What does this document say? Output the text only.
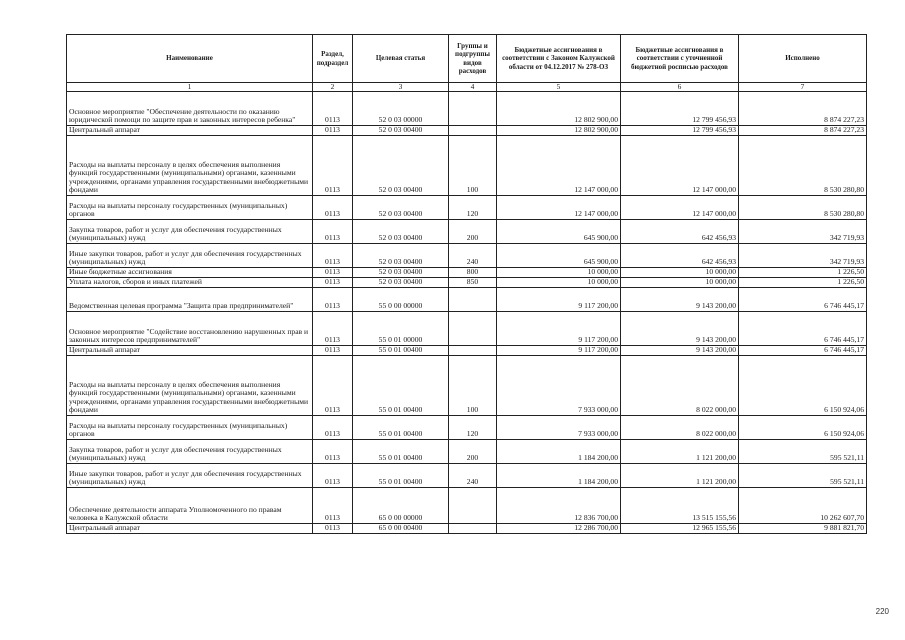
Наименование	Раздел, подраздел	Целевая статья	Группы и подгруппы видов расходов	Бюджетные ассигнования в соответствии с Законом Калужской области от 04.12.2017 № 278-ОЗ	Бюджетные ассигнования в соответствии с уточненной бюджетной росписью расходов	Исполнено
1	2	3	4	5	6	7
Основное мероприятие "Обеспечение деятельности по оказанию юридической помощи по защите прав и законных интересов ребенка"	0113	52 0 03 00000		12 802 900,00	12 799 456,93	8 874 227,23
Центральный аппарат	0113	52 0 03 00400		12 802 900,00	12 799 456,93	8 874 227,23
Расходы на выплаты персоналу в целях обеспечения выполнения функций государственными (муниципальными) органами, казенными учреждениями, органами управления государственными внебюджетными фондами	0113	52 0 03 00400	100	12 147 000,00	12 147 000,00	8 530 280,80
Расходы на выплаты персоналу государственных (муниципальных) органов	0113	52 0 03 00400	120	12 147 000,00	12 147 000,00	8 530 280,80
Закупка товаров, работ и услуг для обеспечения государственных (муниципальных) нужд	0113	52 0 03 00400	200	645 900,00	642 456,93	342 719,93
Иные закупки товаров, работ и услуг для обеспечения государственных (муниципальных) нужд	0113	52 0 03 00400	240	645 900,00	642 456,93	342 719,93
Иные бюджетные ассигнования	0113	52 0 03 00400	800	10 000,00	10 000,00	1 226,50
Уплата налогов, сборов и иных платежей	0113	52 0 03 00400	850	10 000,00	10 000,00	1 226,50
Ведомственная целевая программа "Защита прав предпринимателей"	0113	55 0 00 00000		9 117 200,00	9 143 200,00	6 746 445,17
Основное мероприятие "Содействие восстановлению нарушенных прав и законных интересов предпринимателей"	0113	55 0 01 00000		9 117 200,00	9 143 200,00	6 746 445,17
Центральный аппарат	0113	55 0 01 00400		9 117 200,00	9 143 200,00	6 746 445,17
Расходы на выплаты персоналу в целях обеспечения выполнения функций государственными (муниципальными) органами, казенными учреждениями, органами управления государственными внебюджетными фондами	0113	55 0 01 00400	100	7 933 000,00	8 022 000,00	6 150 924,06
Расходы на выплаты персоналу государственных (муниципальных) органов	0113	55 0 01 00400	120	7 933 000,00	8 022 000,00	6 150 924,06
Закупка товаров, работ и услуг для обеспечения государственных (муниципальных) нужд	0113	55 0 01 00400	200	1 184 200,00	1 121 200,00	595 521,11
Иные закупки товаров, работ и услуг для обеспечения государственных (муниципальных) нужд	0113	55 0 01 00400	240	1 184 200,00	1 121 200,00	595 521,11
Обеспечение деятельности аппарата Уполномоченного по правам человека в Калужской области	0113	65 0 00 00000		12 836 700,00	13 515 155,56	10 262 607,70
Центральный аппарат	0113	65 0 00 00400		12 286 700,00	12 965 155,56	9 881 821,70
220
